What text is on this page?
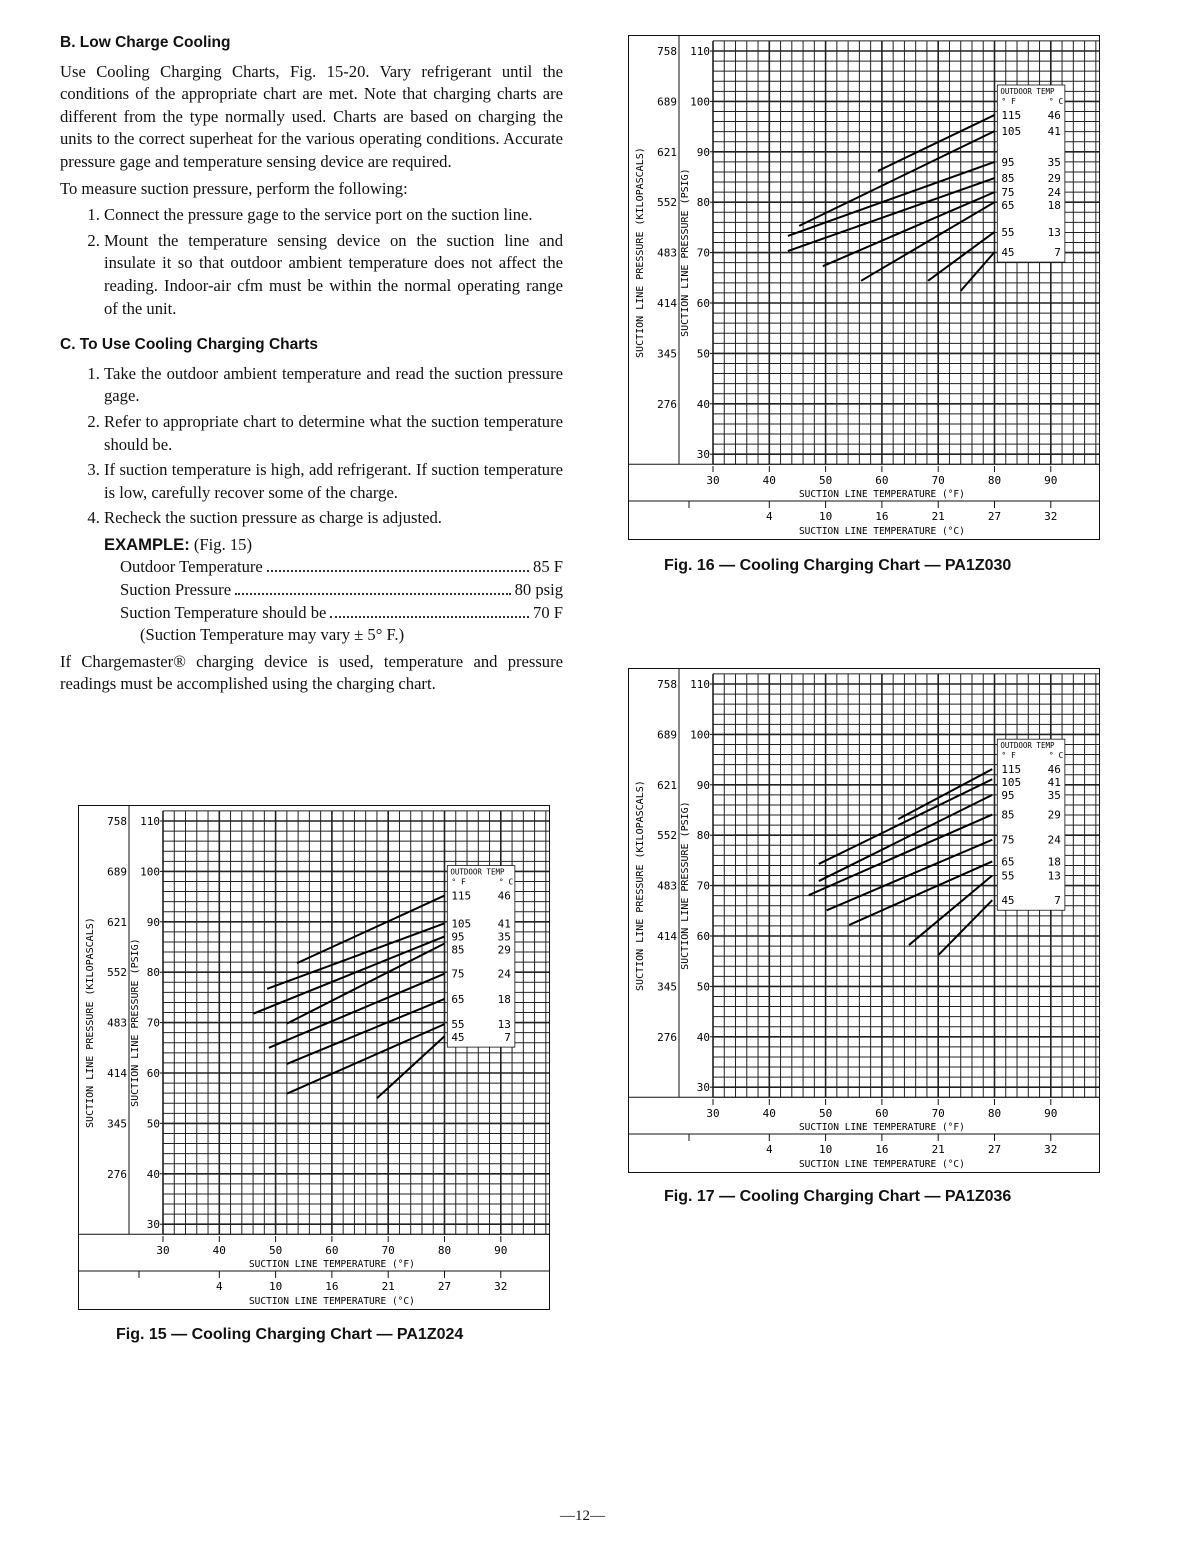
B. Low Charge Cooling

Use Cooling Charging Charts, Fig. 15-20. Vary refrigerant until the conditions of the appropriate chart are met. Note that charging charts are different from the type normally used. Charts are based on charging the units to the correct superheat for the various operating conditions. Accurate pressure gage and temperature sensing device are required.

To measure suction pressure, perform the following:

1. Connect the pressure gage to the service port on the suction line.
2. Mount the temperature sensing device on the suction line and insulate it so that outdoor ambient temperature does not affect the reading. Indoor-air cfm must be within the normal operating range of the unit.
C. To Use Cooling Charging Charts
1. Take the outdoor ambient temperature and read the suction pressure gage.
2. Refer to appropriate chart to determine what the suction temperature should be.
3. If suction temperature is high, add refrigerant. If suction temperature is low, carefully recover some of the charge.
4. Recheck the suction pressure as charge is adjusted.
EXAMPLE: (Fig. 15)
Outdoor Temperature	85 F
Suction Pressure	80 psig
Suction Temperature should be	70 F
(Suction Temperature may vary ± 5° F.)

If Chargemaster® charging device is used, temperature and pressure readings must be accomplished using the charging chart.

30
40
50
60
70
80
90
100
110
276
345
414
483
552
621
689
758
SUCTION LINE PRESSURE (KILOPASCALS)	SUCTION LINE PRESSURE (PSIG)
30	40	50	60	70	80	90
SUCTION LINE TEMPERATURE (°F)
4	10	16	21	27	32
SUCTION LINE TEMPERATURE (°C)
OUTDOOR TEMP
° F	° C
115 46
105 41
95	35
85	29
75	24
65	18
55	13
45	7
Fig. 15 — Cooling Charging Chart — PA1Z024
30
40
50
60
70
80
90
100
110
276
345
414
483
552
621
689
758
SUCTION LINE PRESSURE (KILOPASCALS)	SUCTION LINE PRESSURE (PSIG)
30	40	50	60	70	80	90
SUCTION LINE TEMPERATURE (°F)
4	10	16	21	27	32
SUCTION LINE TEMPERATURE (°C)
OUTDOOR TEMP
° F	° C
115 46
105 41
95	35
85	29
75	24
65	18
55	13
45	7
Fig. 16 — Cooling Charging Chart — PA1Z030
30
40
50
60
70
80
90
100
110
276
345
414
483
552
621
689
758
SUCTION LINE PRESSURE (KILOPASCALS)	SUCTION LINE PRESSURE (PSIG)
30	40	50	60	70	80	90
SUCTION LINE TEMPERATURE (°F)
4	10	16	21	27	32
SUCTION LINE TEMPERATURE (°C)
OUTDOOR TEMP
° F	° C
115 46
105 41
95	35
85	29
75	24
65	18
55	13
45	7
Fig. 17 — Cooling Charging Chart — PA1Z036
—12—
